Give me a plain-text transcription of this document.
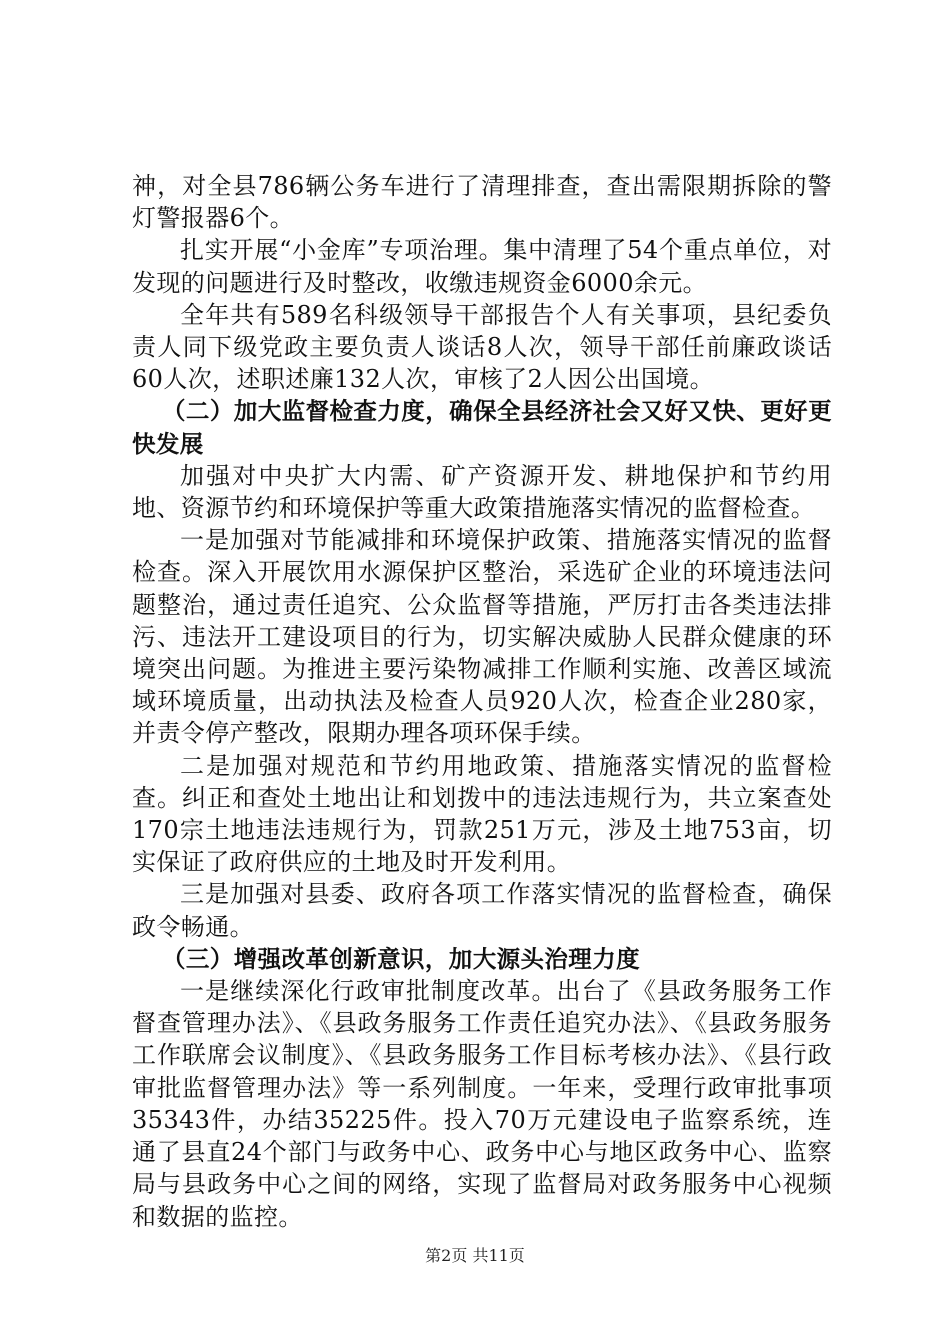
神，对全县786辆公务车进行了清理排查，查出需限期拆除的警灯警报器6个。

扎实开展“小金库”专项治理。集中清理了54个重点单位，对发现的问题进行及时整改，收缴违规资金6000余元。

全年共有589名科级领导干部报告个人有关事项，县纪委负责人同下级党政主要负责人谈话8人次，领导干部任前廉政谈话60人次，述职述廉132人次，审核了2人因公出国境。

（二）加大监督检查力度，确保全县经济社会又好又快、更好更快发展

加强对中央扩大内需、矿产资源开发、耕地保护和节约用地、资源节约和环境保护等重大政策措施落实情况的监督检查。

一是加强对节能减排和环境保护政策、措施落实情况的监督检查。深入开展饮用水源保护区整治，采选矿企业的环境违法问题整治，通过责任追究、公众监督等措施，严厉打击各类违法排污、违法开工建设项目的行为，切实解决威胁人民群众健康的环境突出问题。为推进主要污染物减排工作顺利实施、改善区域流域环境质量，出动执法及检查人员920人次，检查企业280家，并责令停产整改，限期办理各项环保手续。

二是加强对规范和节约用地政策、措施落实情况的监督检查。纠正和查处土地出让和划拨中的违法违规行为，共立案查处170宗土地违法违规行为，罚款251万元，涉及土地753亩，切实保证了政府供应的土地及时开发利用。

三是加强对县委、政府各项工作落实情况的监督检查，确保政令畅通。

（三）增强改革创新意识，加大源头治理力度

一是继续深化行政审批制度改革。出台了《县政务服务工作督查管理办法》、《县政务服务工作责任追究办法》、《县政务服务工作联席会议制度》、《县政务服务工作目标考核办法》、《县行政审批监督管理办法》等一系列制度。一年来，受理行政审批事项35343件，办结35225件。投入70万元建设电子监察系统，连通了县直24个部门与政务中心、政务中心与地区政务中心、监察局与县政务中心之间的网络，实现了监督局对政务服务中心视频和数据的监控。

第2页 共11页
